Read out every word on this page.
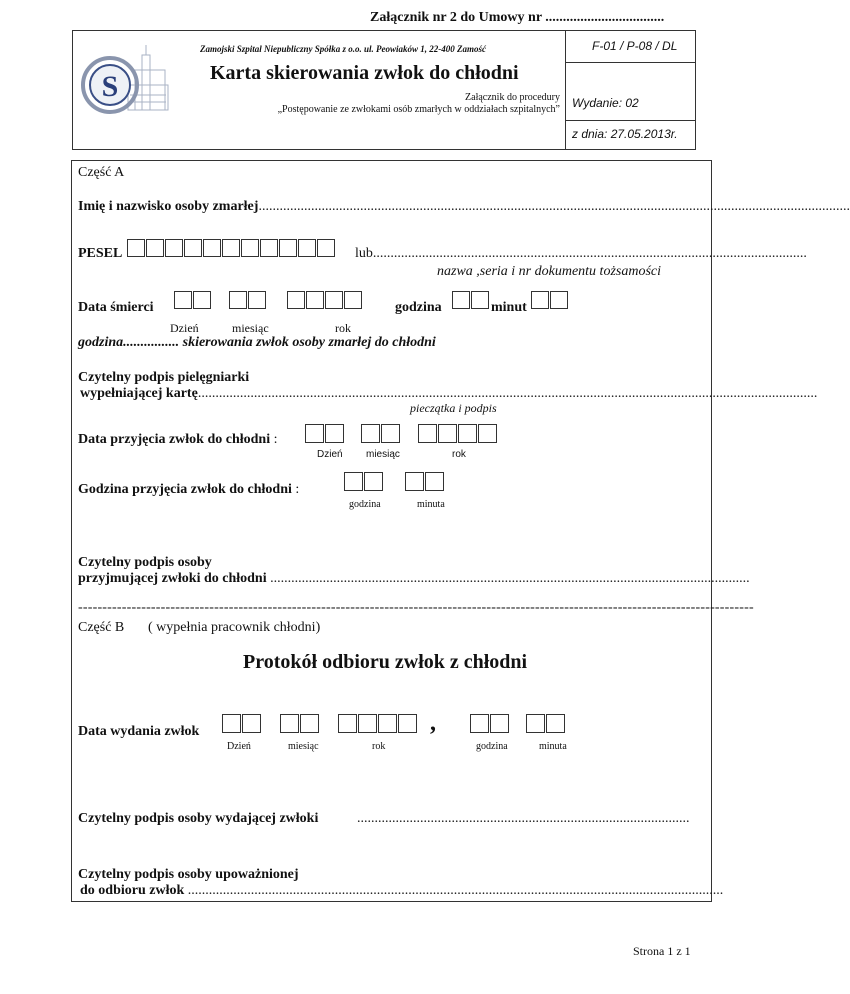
Załącznik nr 2 do Umowy nr ..................................
S
Zamojski Szpital Niepubliczny Spółka z o.o. ul. Peowiaków 1, 22-400 Zamość
Karta skierowania zwłok do chłodni
Załącznik do procedury
„Postępowanie ze zwłokami osób zmarłych w oddziałach szpitalnych”
F-01 / P-08 / DL
Wydanie: 02
z dnia: 27.05.2013r.
Część A
Imię i nazwisko osoby zmarłej.........................................................................................................................................................................
PESEL	lub............................................................................................................................
nazwa ,seria i nr dokumentu tożsamości
Data śmierci	godzina	minut
Dzień	miesiąc	rok
godzina................ skierowania zwłok osoby zmarłej do chłodni
Czytelny podpis pielęgniarki
wypełniającej kartę.................................................................................................................................................................................
pieczątka i podpis
Data przyjęcia zwłok do chłodni :
Dzień miesiąc	rok
Godzina przyjęcia zwłok do chłodni :
godzina	minuta
Czytelny podpis osoby
przyjmującej zwłoki do chłodni .........................................................................................................................................
-------------------------------------------------------------------------------------------------------------------------------------------
Część B ( wypełnia pracownik chłodni)
Protokół odbioru zwłok z chłodni
Data wydania zwłok	,
Dzień	miesiąc	rok	godzina	minuta
Czytelny podpis osoby wydającej zwłoki	...............................................................................................
Czytelny podpis osoby upoważnionej
do odbioru zwłok .........................................................................................................................................................
Strona 1 z 1
